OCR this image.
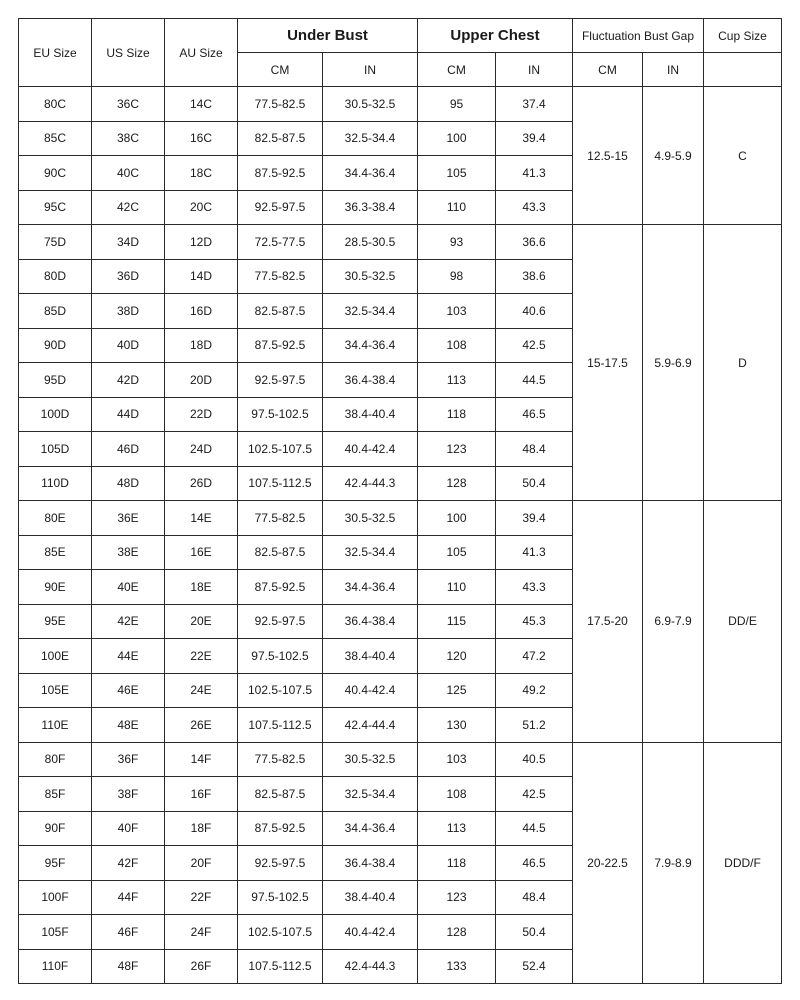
EU Size	US Size	AU Size	Under Bust		Upper Chest		Fluctuation Bust Gap		Cup Size
			CM	IN	CM	IN	CM	IN	
80C	36C	14C	77.5-82.5	30.5-32.5	95	37.4	12.5-15	4.9-5.9	C
85C	38C	16C	82.5-87.5	32.5-34.4	100	39.4			
90C	40C	18C	87.5-92.5	34.4-36.4	105	41.3			
95C	42C	20C	92.5-97.5	36.3-38.4	110	43.3			
75D	34D	12D	72.5-77.5	28.5-30.5	93	36.6	15-17.5	5.9-6.9	D
80D	36D	14D	77.5-82.5	30.5-32.5	98	38.6			
85D	38D	16D	82.5-87.5	32.5-34.4	103	40.6			
90D	40D	18D	87.5-92.5	34.4-36.4	108	42.5			
95D	42D	20D	92.5-97.5	36.4-38.4	113	44.5			
100D	44D	22D	97.5-102.5	38.4-40.4	118	46.5			
105D	46D	24D	102.5-107.5	40.4-42.4	123	48.4			
110D	48D	26D	107.5-112.5	42.4-44.3	128	50.4			
80E	36E	14E	77.5-82.5	30.5-32.5	100	39.4	17.5-20	6.9-7.9	DD/E
85E	38E	16E	82.5-87.5	32.5-34.4	105	41.3			
90E	40E	18E	87.5-92.5	34.4-36.4	110	43.3			
95E	42E	20E	92.5-97.5	36.4-38.4	115	45.3			
100E	44E	22E	97.5-102.5	38.4-40.4	120	47.2			
105E	46E	24E	102.5-107.5	40.4-42.4	125	49.2			
110E	48E	26E	107.5-112.5	42.4-44.4	130	51.2			
80F	36F	14F	77.5-82.5	30.5-32.5	103	40.5	20-22.5	7.9-8.9	DDD/F
85F	38F	16F	82.5-87.5	32.5-34.4	108	42.5			
90F	40F	18F	87.5-92.5	34.4-36.4	113	44.5			
95F	42F	20F	92.5-97.5	36.4-38.4	118	46.5			
100F	44F	22F	97.5-102.5	38.4-40.4	123	48.4			
105F	46F	24F	102.5-107.5	40.4-42.4	128	50.4			
110F	48F	26F	107.5-112.5	42.4-44.3	133	52.4			
